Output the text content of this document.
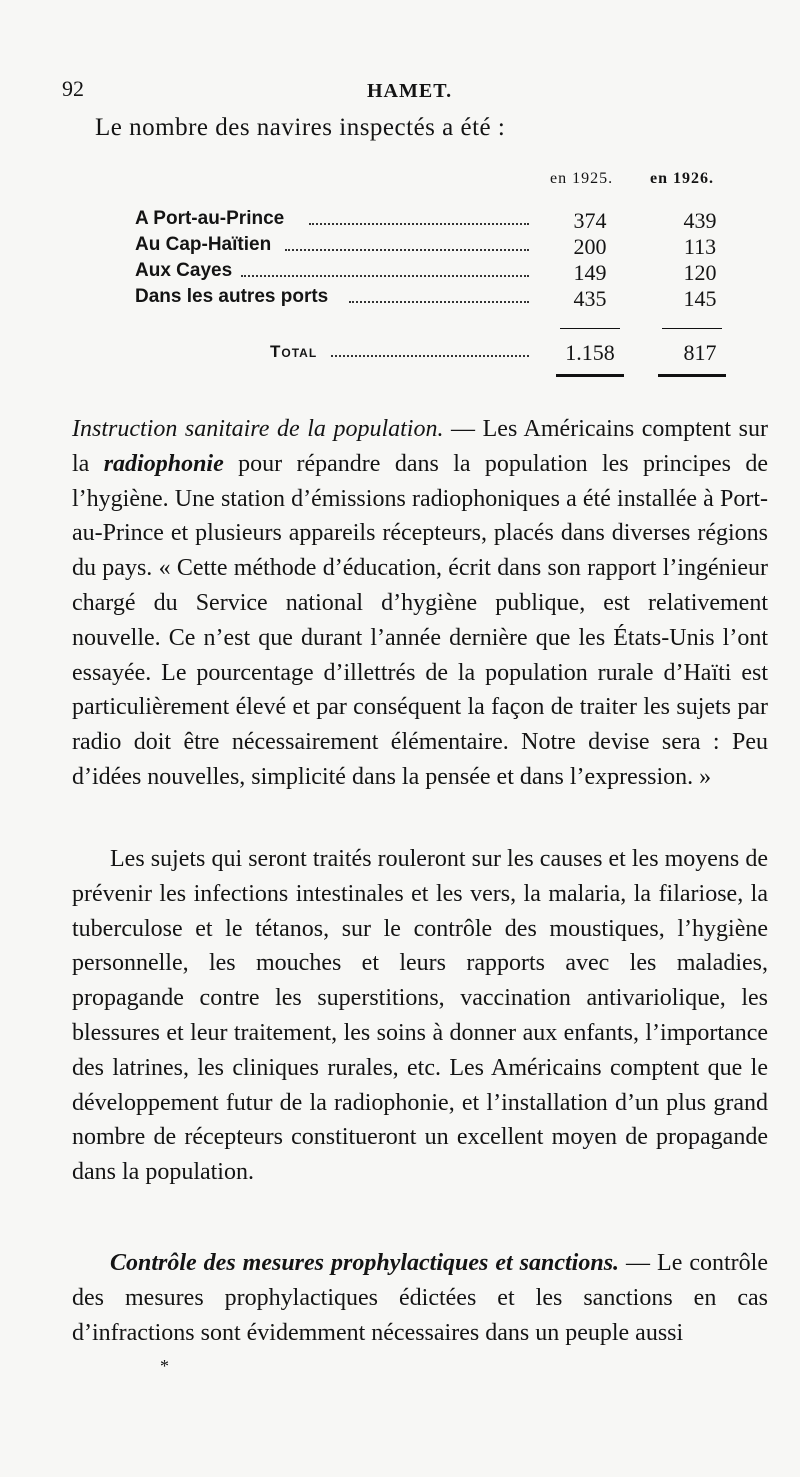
92	HAMET.
Le nombre des navires inspectés a été :
en 1925. en 1926.
A Port-au-Prince	374	439
Au Cap-Haïtien	200	113
Aux Cayes	149	120
Dans les autres ports	435	145
Total	1.158	817
Instruction sanitaire de la population. — Les Américains comptent sur la radiophonie pour répandre dans la population les principes de l’hygiène. Une station d’émissions radiophoniques a été installée à Port-au-Prince et plusieurs appareils récepteurs, placés dans diverses régions du pays. « Cette méthode d’éducation, écrit dans son rapport l’ingénieur chargé du Service national d’hygiène publique, est relativement nouvelle. Ce n’est que durant l’année dernière que les États-Unis l’ont essayée. Le pourcentage d’illettrés de la population rurale d’Haïti est particulièrement élevé et par conséquent la façon de traiter les sujets par radio doit être nécessairement élémentaire. Notre devise sera : Peu d’idées nouvelles, simplicité dans la pensée et dans l’expression. »
Les sujets qui seront traités rouleront sur les causes et les moyens de prévenir les infections intestinales et les vers, la malaria, la filariose, la tuberculose et le tétanos, sur le contrôle des moustiques, l’hygiène personnelle, les mouches et leurs rapports avec les maladies, propagande contre les superstitions, vaccination antivariolique, les blessures et leur traitement, les soins à donner aux enfants, l’importance des latrines, les cliniques rurales, etc. Les Américains comptent que le développement futur de la radiophonie, et l’installation d’un plus grand nombre de récepteurs constitueront un excellent moyen de propagande dans la population.
Contrôle des mesures prophylactiques et sanctions. — Le contrôle des mesures prophylactiques édictées et les sanctions en cas d’infractions sont évidemment nécessaires dans un peuple aussi
*
